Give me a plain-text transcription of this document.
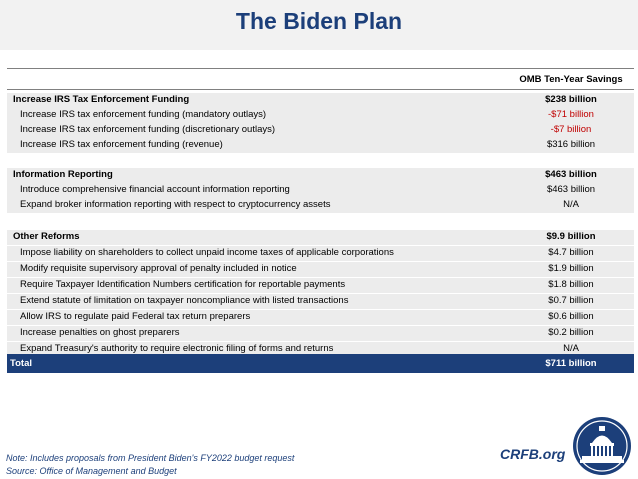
The Biden Plan
OMB Ten-Year Savings
Increase IRS Tax Enforcement Funding	$238 billion
Increase IRS tax enforcement funding (mandatory outlays)	-$71 billion
Increase IRS tax enforcement funding (discretionary outlays)	-$7 billion
Increase IRS tax enforcement funding (revenue)	$316 billion
Information Reporting	$463 billion
Introduce comprehensive financial account information reporting	$463 billion
Expand broker information reporting with respect to cryptocurrency assets	N/A
Other Reforms	$9.9 billion
Impose liability on shareholders to collect unpaid income taxes of applicable corporations	$4.7 billion
Modify requisite supervisory approval of penalty included in notice	$1.9 billion
Require Taxpayer Identification Numbers certification for reportable payments	$1.8 billion
Extend statute of limitation on taxpayer noncompliance with listed transactions	$0.7 billion
Allow IRS to regulate paid Federal tax return preparers	$0.6 billion
Increase penalties on ghost preparers	$0.2 billion
Expand Treasury's authority to require electronic filing of forms and returns	N/A
Total	$711 billion
Note: Includes proposals from President Biden's FY2022 budget request
Source: Office of Management and Budget
CRFB.org
